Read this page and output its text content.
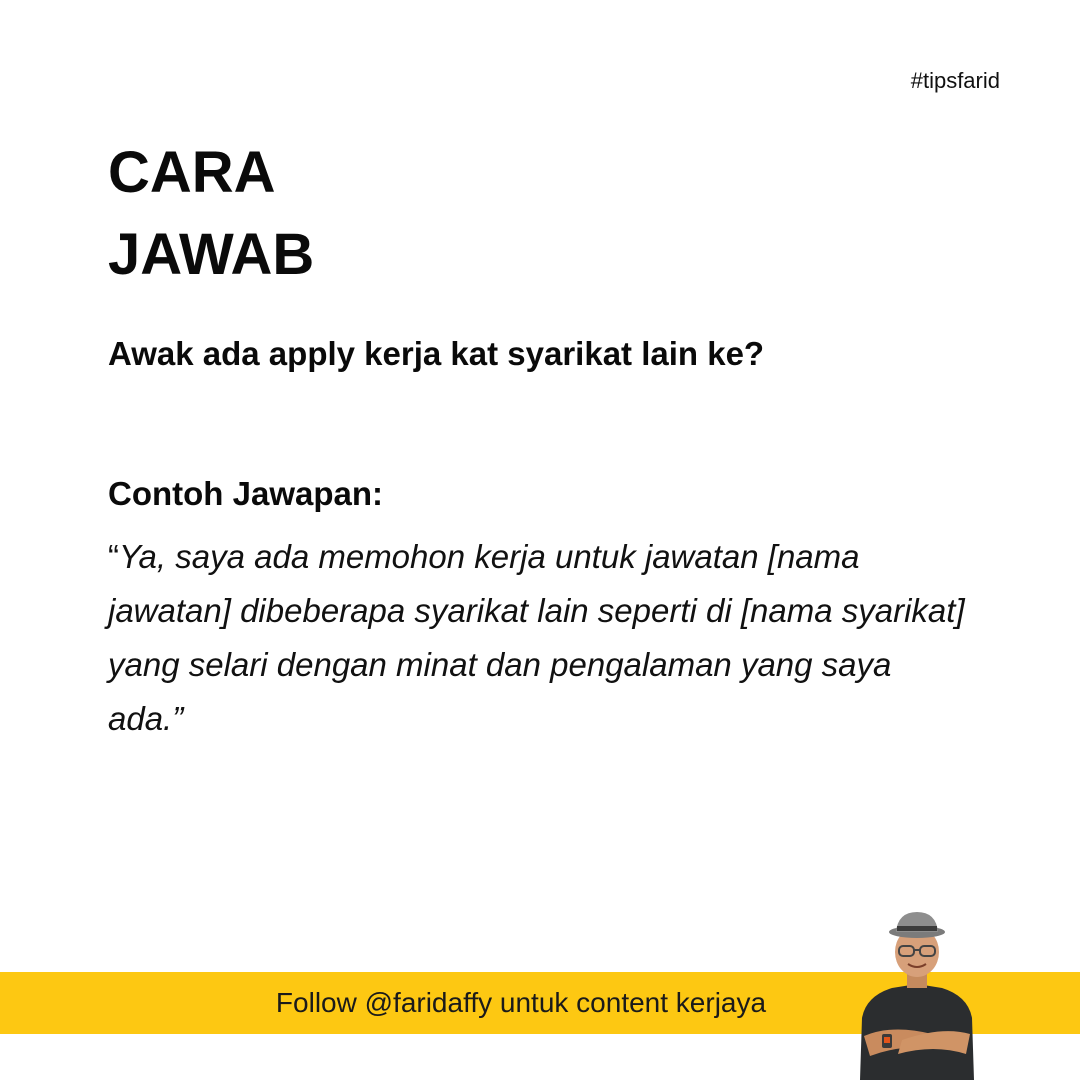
#tipsfarid
CARA
JAWAB

Awak ada apply kerja kat syarikat lain ke?

Contoh Jawapan:

“Ya, saya ada memohon kerja untuk jawatan [nama jawatan] dibeberapa syarikat lain seperti di [nama syarikat] yang selari dengan minat dan pengalaman yang saya ada.”

Follow @faridaffy untuk content kerjaya
